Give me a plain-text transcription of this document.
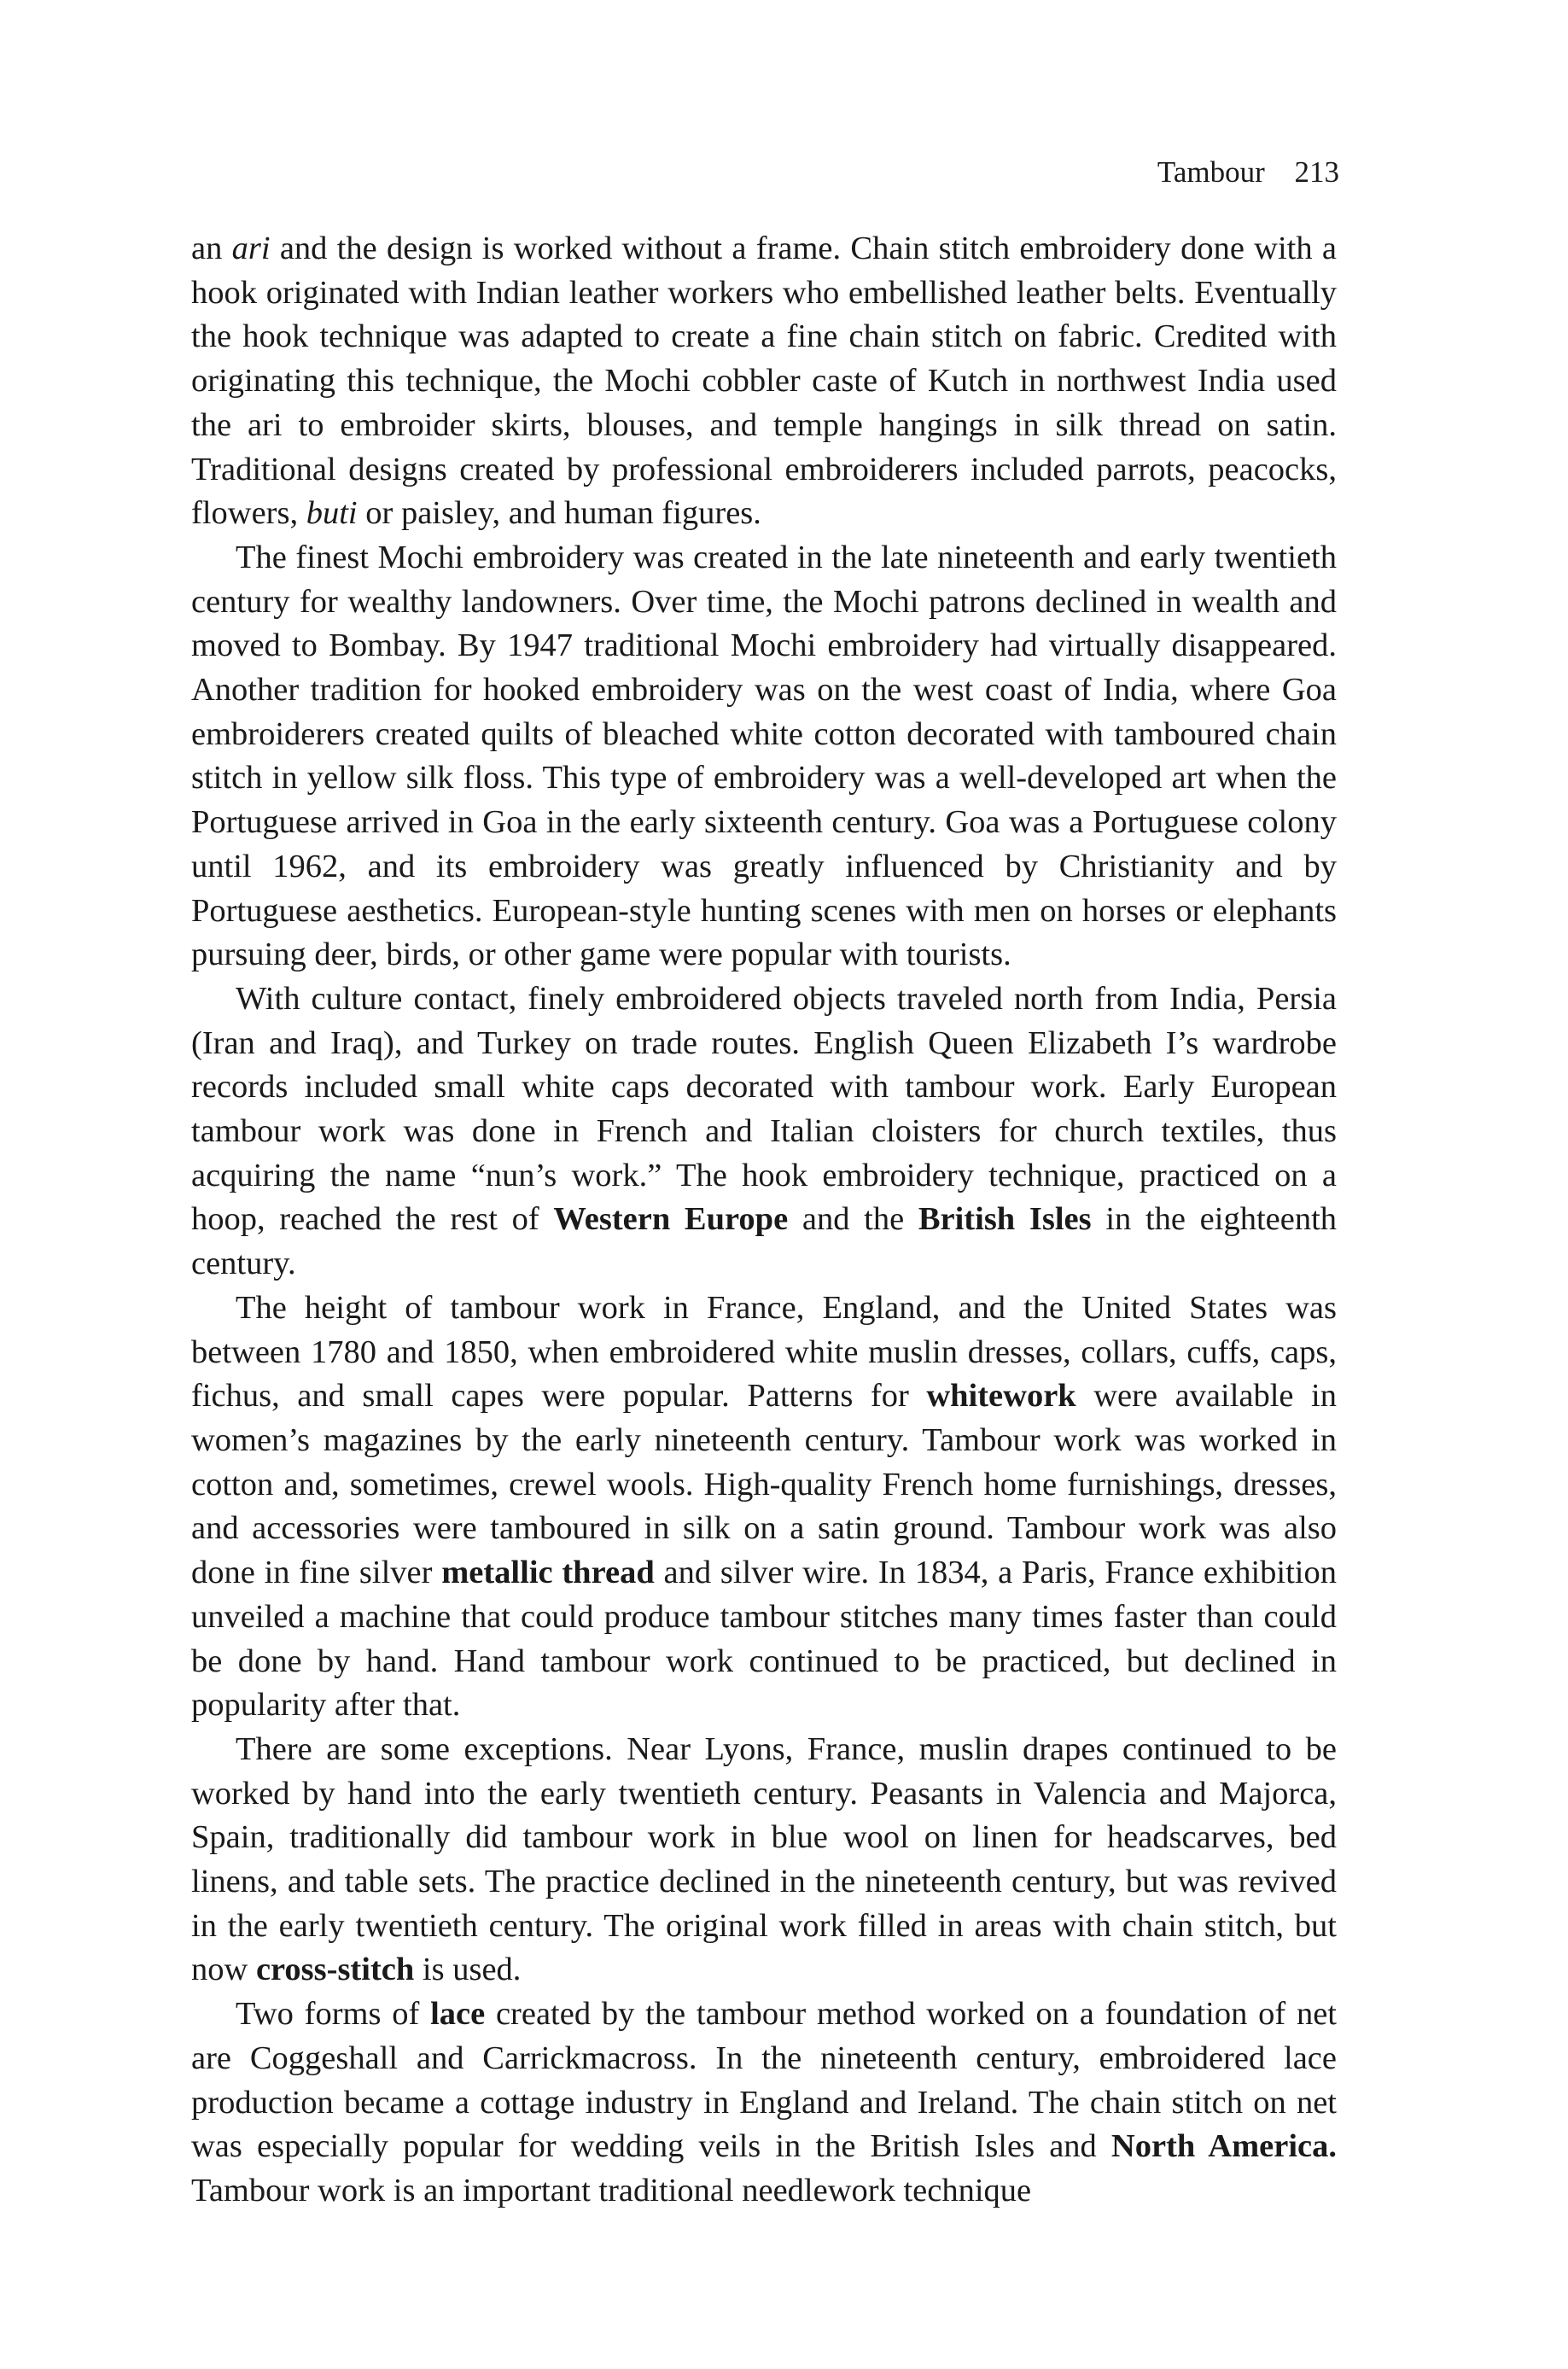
Tambour 213

an ari and the design is worked without a frame. Chain stitch embroidery done with a hook originated with Indian leather workers who embellished leather belts. Eventually the hook technique was adapted to create a fine chain stitch on fabric. Credited with originating this technique, the Mochi cobbler caste of Kutch in northwest India used the ari to embroider skirts, blouses, and temple hangings in silk thread on satin. Traditional designs created by professional embroiderers included parrots, peacocks, flowers, buti or paisley, and human figures.

The finest Mochi embroidery was created in the late nineteenth and early twentieth century for wealthy landowners. Over time, the Mochi patrons declined in wealth and moved to Bombay. By 1947 traditional Mochi embroidery had virtually disappeared. Another tradition for hooked embroidery was on the west coast of India, where Goa embroiderers created quilts of bleached white cotton decorated with tamboured chain stitch in yellow silk floss. This type of embroidery was a well-developed art when the Portuguese arrived in Goa in the early sixteenth century. Goa was a Portuguese colony until 1962, and its embroidery was greatly influenced by Christianity and by Portuguese aesthetics. European-style hunting scenes with men on horses or elephants pursuing deer, birds, or other game were popular with tourists.

With culture contact, finely embroidered objects traveled north from India, Persia (Iran and Iraq), and Turkey on trade routes. English Queen Elizabeth I’s wardrobe records included small white caps decorated with tambour work. Early European tambour work was done in French and Italian cloisters for church textiles, thus acquiring the name “nun’s work.” The hook embroidery technique, practiced on a hoop, reached the rest of Western Europe and the British Isles in the eighteenth century.

The height of tambour work in France, England, and the United States was between 1780 and 1850, when embroidered white muslin dresses, collars, cuffs, caps, fichus, and small capes were popular. Patterns for whitework were available in women’s magazines by the early nineteenth century. Tambour work was worked in cotton and, sometimes, crewel wools. High-quality French home furnishings, dresses, and accessories were tamboured in silk on a satin ground. Tambour work was also done in fine silver metallic thread and silver wire. In 1834, a Paris, France exhibition unveiled a machine that could produce tambour stitches many times faster than could be done by hand. Hand tambour work continued to be practiced, but declined in popularity after that.

There are some exceptions. Near Lyons, France, muslin drapes continued to be worked by hand into the early twentieth century. Peasants in Valencia and Majorca, Spain, traditionally did tambour work in blue wool on linen for headscarves, bed linens, and table sets. The practice declined in the nineteenth century, but was revived in the early twentieth century. The original work filled in areas with chain stitch, but now cross-stitch is used.

Two forms of lace created by the tambour method worked on a foundation of net are Coggeshall and Carrickmacross. In the nineteenth century, embroidered lace production became a cottage industry in England and Ireland. The chain stitch on net was especially popular for wedding veils in the British Isles and North America. Tambour work is an important traditional needlework technique
